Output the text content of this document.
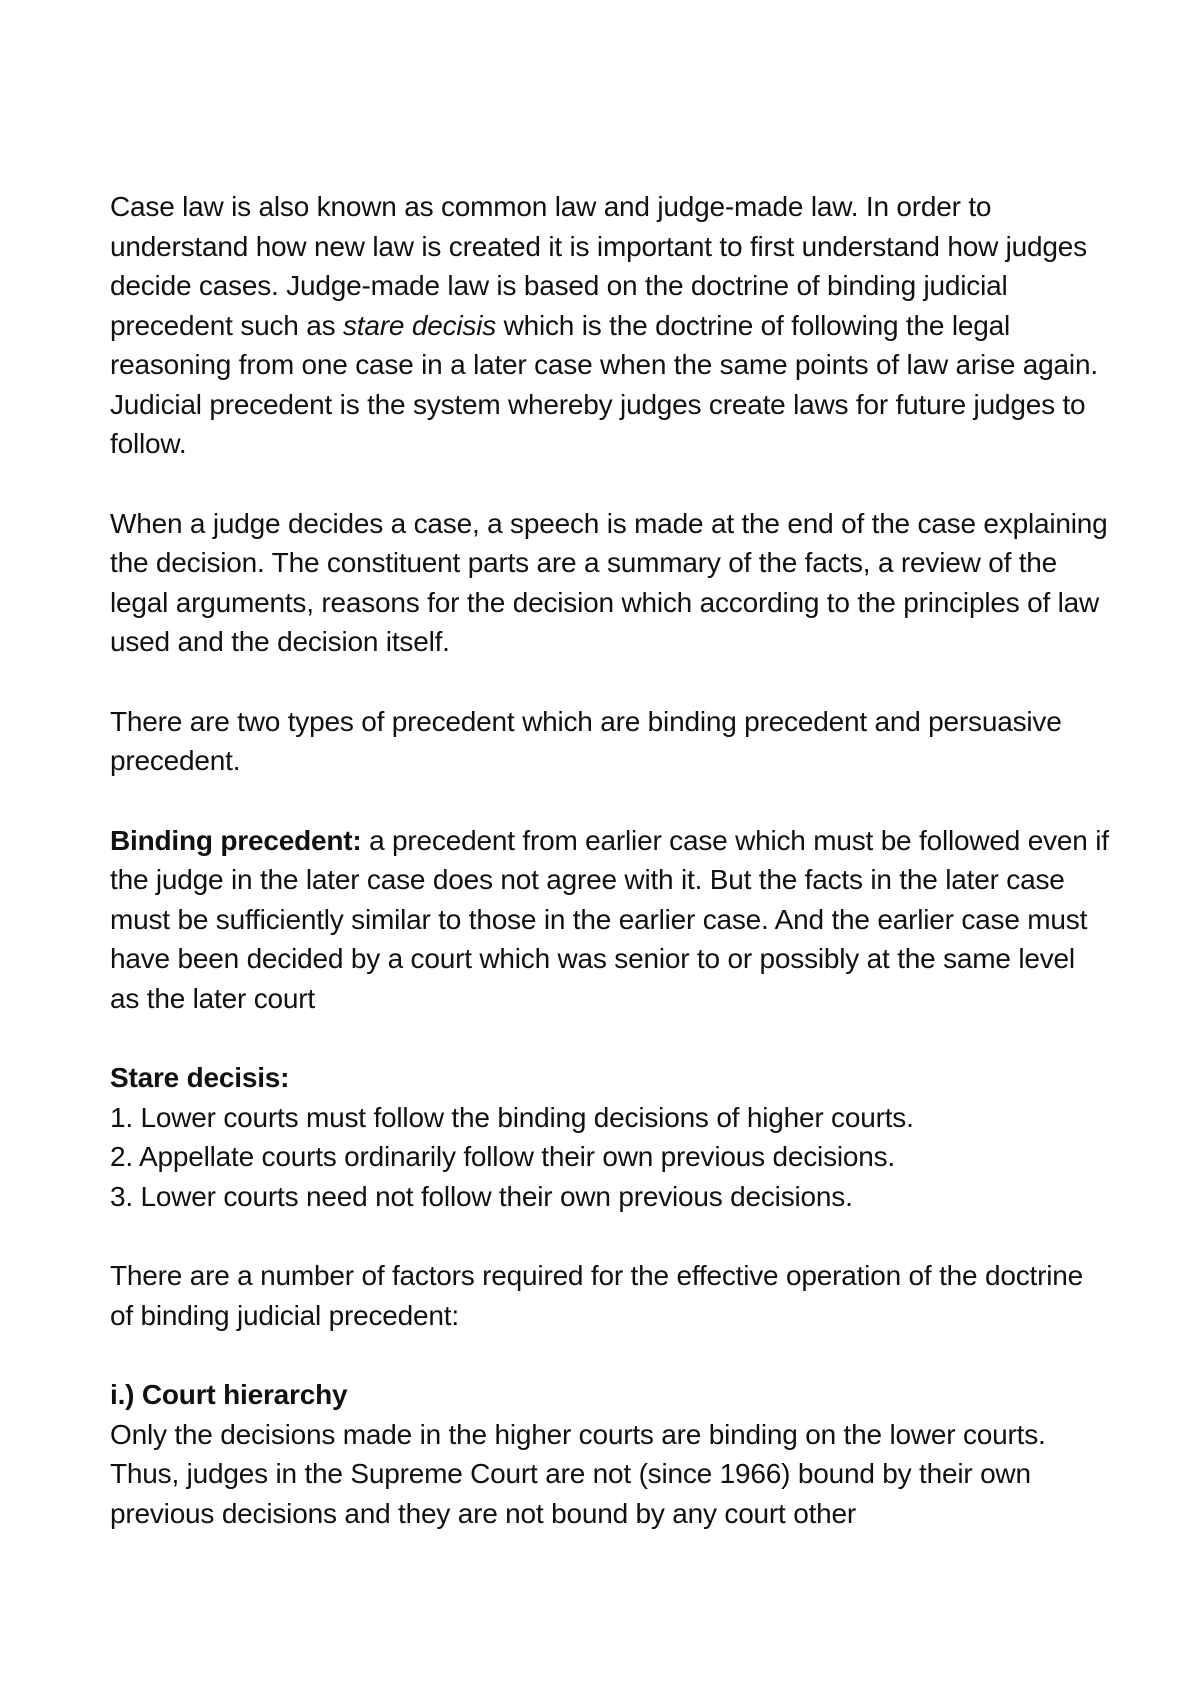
Case law is also known as common law and judge-made law. In order to understand how new law is created it is important to first understand how judges decide cases. Judge-made law is based on the doctrine of binding judicial precedent such as stare decisis which is the doctrine of following the legal reasoning from one case in a later case when the same points of law arise again. Judicial precedent is the system whereby judges create laws for future judges to follow.

When a judge decides a case, a speech is made at the end of the case explaining the decision. The constituent parts are a summary of the facts, a review of the legal arguments, reasons for the decision which according to the principles of law used and the decision itself.

There are two types of precedent which are binding precedent and persuasive precedent.

Binding precedent: a precedent from earlier case which must be followed even if the judge in the later case does not agree with it. But the facts in the later case must be sufficiently similar to those in the earlier case. And the earlier case must have been decided by a court which was senior to or possibly at the same level as the later court

Stare decisis:

1. Lower courts must follow the binding decisions of higher courts.

2. Appellate courts ordinarily follow their own previous decisions.

3. Lower courts need not follow their own previous decisions.

There are a number of factors required for the effective operation of the doctrine of binding judicial precedent:

i.) Court hierarchy

Only the decisions made in the higher courts are binding on the lower courts. Thus, judges in the Supreme Court are not (since 1966) bound by their own previous decisions and they are not bound by any court other
